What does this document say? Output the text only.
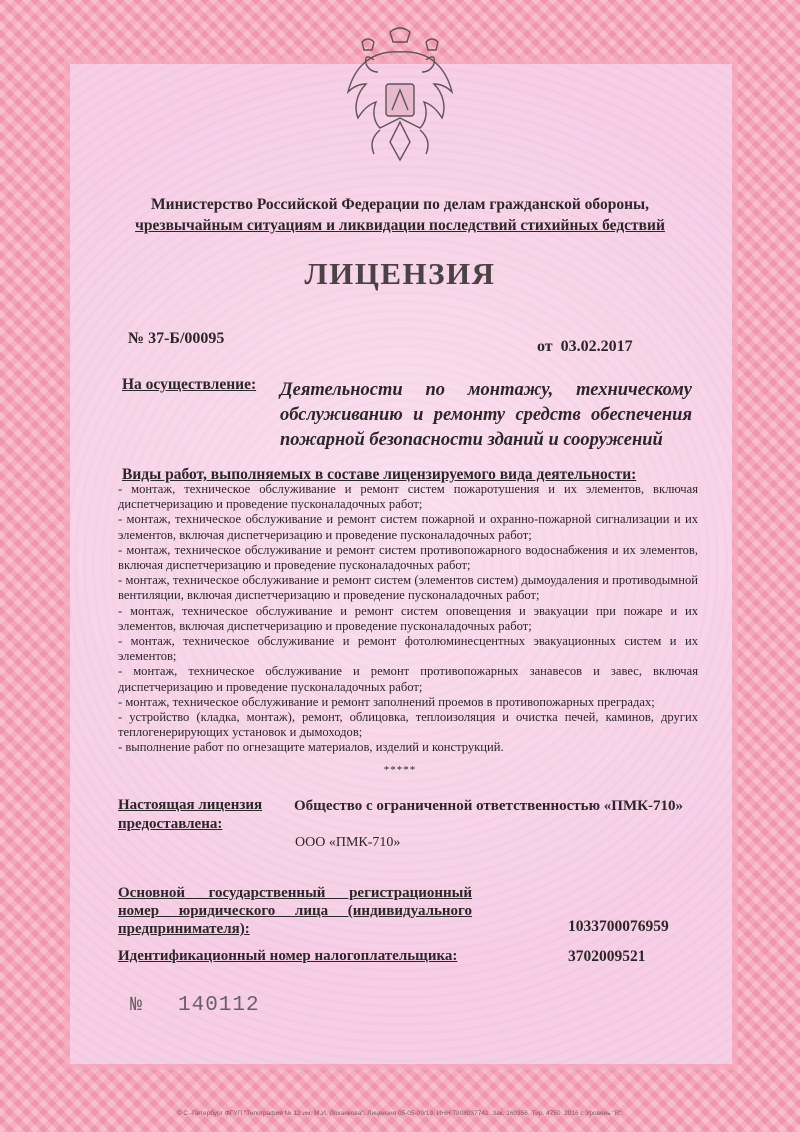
Министерство Российской Федерации по делам гражданской обороны,
чрезвычайным ситуациям и ликвидации последствий стихийных бедствий
ЛИЦЕНЗИЯ
№ 37-Б/00095	от 03.02.2017
На осуществление: Деятельности по монтажу, техническому обслуживанию и ремонту средств обеспечения пожарной безопасности зданий и сооружений
Виды работ, выполняемых в составе лицензируемого вида деятельности:
- монтаж, техническое обслуживание и ремонт систем пожаротушения и их элементов, включая диспетчеризацию и проведение пусконаладочных работ;
- монтаж, техническое обслуживание и ремонт систем пожарной и охранно-пожарной сигнализации и их элементов, включая диспетчеризацию и проведение пусконаладочных работ;
- монтаж, техническое обслуживание и ремонт систем противопожарного водоснабжения и их элементов, включая диспетчеризацию и проведение пусконаладочных работ;
- монтаж, техническое обслуживание и ремонт систем (элементов систем) дымоудаления и противодымной вентиляции, включая диспетчеризацию и проведение пусконаладочных работ;
- монтаж, техническое обслуживание и ремонт систем оповещения и эвакуации при пожаре и их элементов, включая диспетчеризацию и проведение пусконаладочных работ;
- монтаж, техническое обслуживание и ремонт фотолюминесцентных эвакуационных систем и их элементов;
- монтаж, техническое обслуживание и ремонт противопожарных занавесов и завес, включая диспетчеризацию и проведение пусконаладочных работ;
- монтаж, техническое обслуживание и ремонт заполнений проемов в противопожарных преградах;
- устройство (кладка, монтаж), ремонт, облицовка, теплоизоляция и очистка печей, каминов, других теплогенерирующих установок и дымоходов;
- выполнение работ по огнезащите материалов, изделий и конструкций.
*****
Настоящая лицензия предоставлена:
Общество с ограниченной ответственностью «ПМК-710»
ООО «ПМК-710»
Основной государственный регистрационный номер юридического лица (индивидуального предпринимателя):	1033700076959
Идентификационный номер налогоплательщика:	3702009521
№ 140112
© С.-Петербург ФГУП "Типография № 12 им. М.И. Лоханкова". Лицензия 05-05-09/19. ИНН 7808037741. Зак. 160356. Тир. 4750. 2016 г. Уровень "В".
